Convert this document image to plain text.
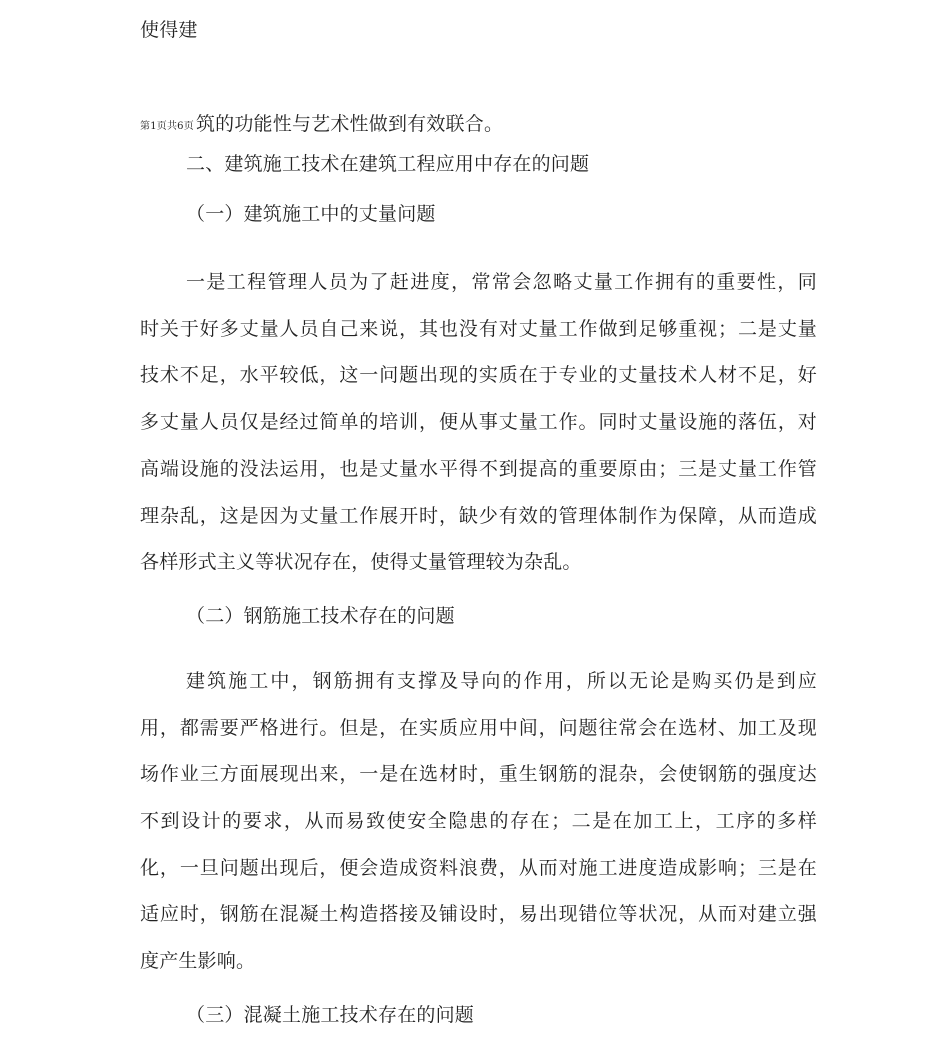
使得建
第1页共6页 筑的功能性与艺术性做到有效联合。
二、建筑施工技术在建筑工程应用中存在的问题
（一）建筑施工中的丈量问题
一是工程管理人员为了赶进度，常常会忽略丈量工作拥有的重要性，同
时关于好多丈量人员自己来说，其也没有对丈量工作做到足够重视；二是丈量
技术不足，水平较低，这一问题出现的实质在于专业的丈量技术人材不足，好
多丈量人员仅是经过简单的培训，便从事丈量工作。同时丈量设施的落伍，对
高端设施的没法运用，也是丈量水平得不到提高的重要原由；三是丈量工作管
理杂乱，这是因为丈量工作展开时，缺少有效的管理体制作为保障，从而造成
各样形式主义等状况存在，使得丈量管理较为杂乱。
（二）钢筋施工技术存在的问题
建筑施工中，钢筋拥有支撑及导向的作用，所以无论是购买仍是到应
用，都需要严格进行。但是，在实质应用中间，问题往常会在选材、加工及现
场作业三方面展现出来，一是在选材时，重生钢筋的混杂，会使钢筋的强度达
不到设计的要求，从而易致使安全隐患的存在；二是在加工上，工序的多样
化，一旦问题出现后，便会造成资料浪费，从而对施工进度造成影响；三是在
适应时，钢筋在混凝土构造搭接及铺设时，易出现错位等状况，从而对建立强
度产生影响。
（三）混凝土施工技术存在的问题
